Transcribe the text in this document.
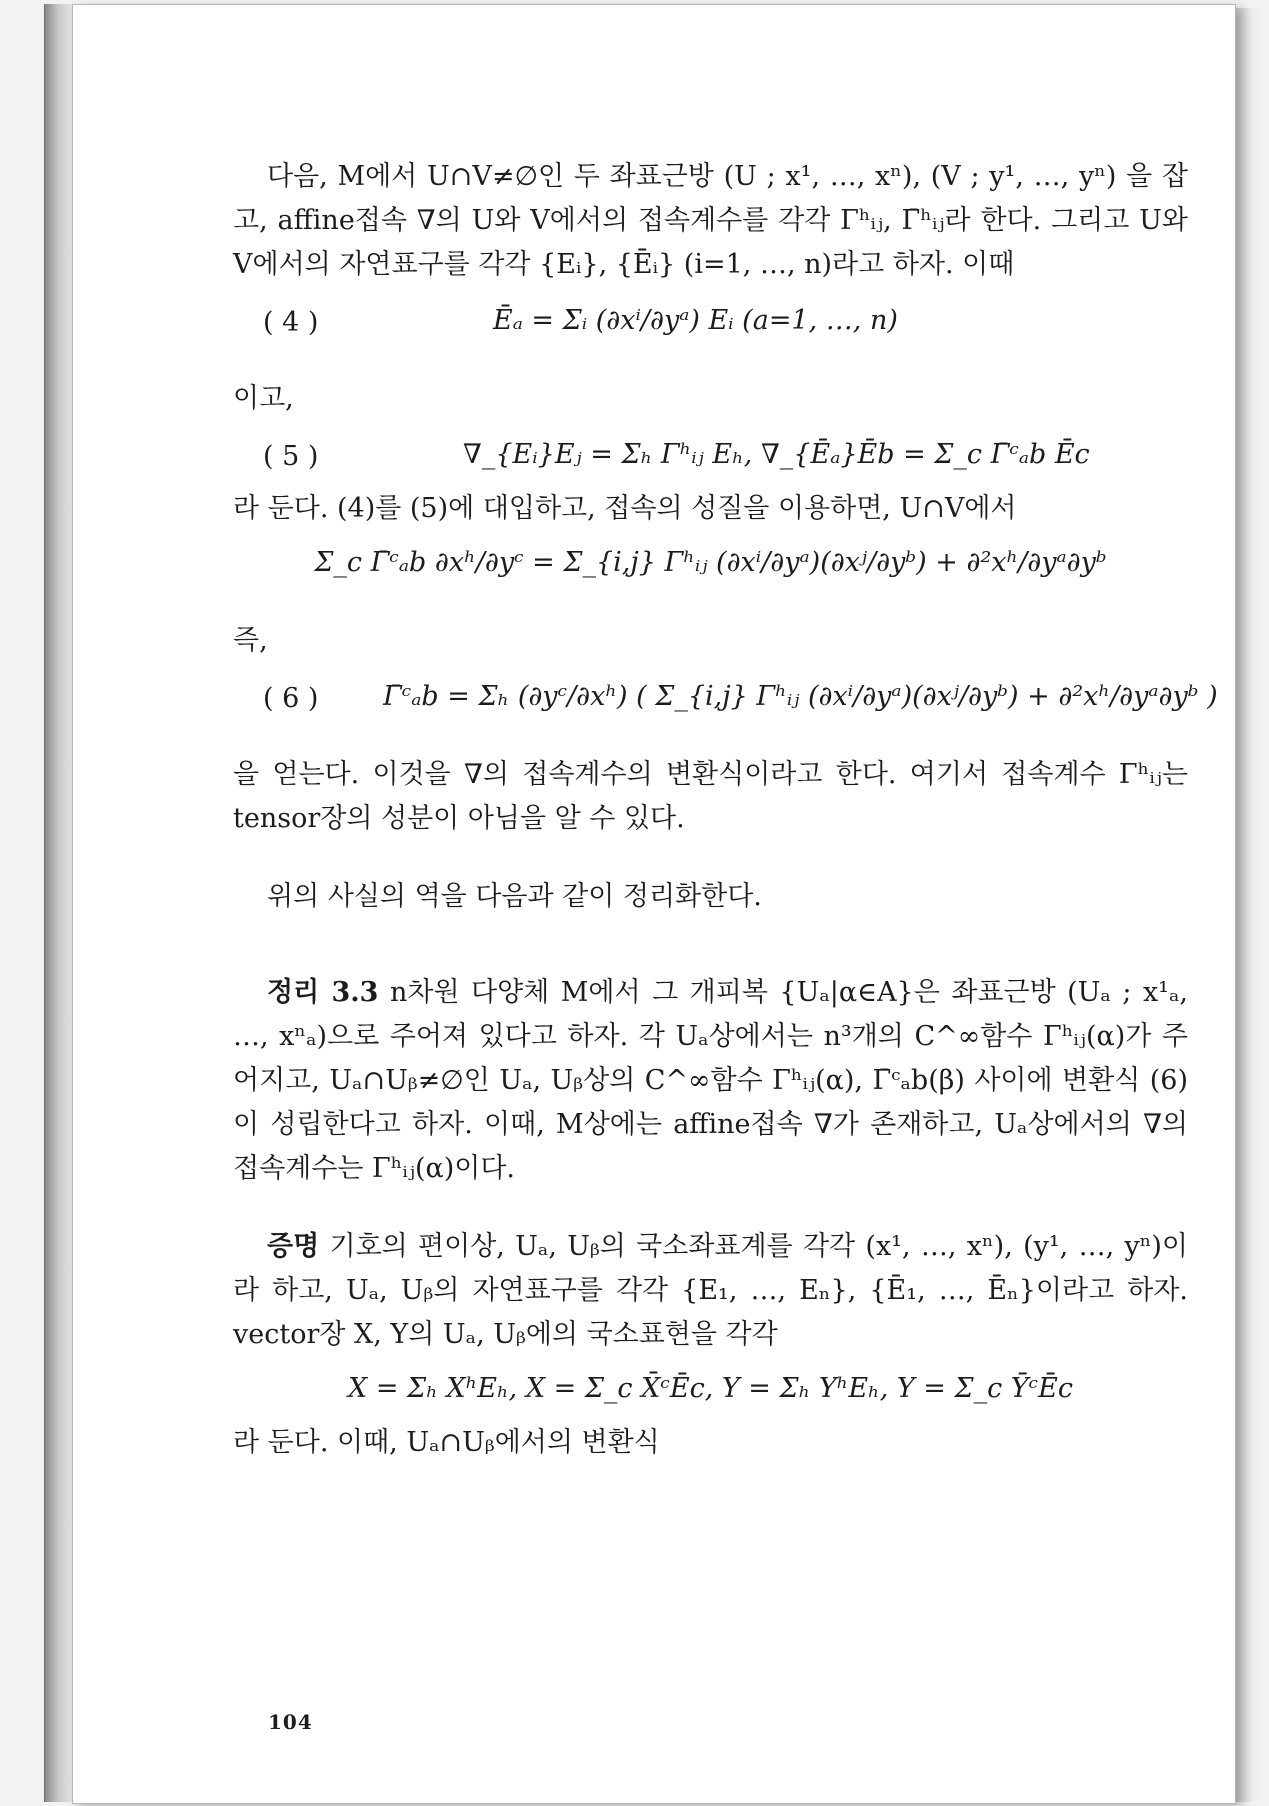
다음, M에서 U∩V≠∅인 두 좌표근방 (U ; x¹, …, xⁿ), (V ; y¹, …, yⁿ) 을 잡고, affine접속 ∇의 U와 V에서의 접속계수를 각각 Γʰᵢⱼ, Γ̄ʰᵢⱼ라 한다. 그리고 U와 V에서의 자연표구를 각각 {Eᵢ}, {Ēᵢ} (i=1, …, n)라고 하자. 이때

( 4 )	Ēₐ = Σᵢ (∂xⁱ/∂yᵃ) Eᵢ (a=1, …, n)

이고,

( 5 )	∇_{Eᵢ}Eⱼ = Σₕ Γʰᵢⱼ Eₕ, ∇_{Ēₐ}Ēb = Σ_c Γ̄ᶜₐb Ēc

라 둔다. (4)를 (5)에 대입하고, 접속의 성질을 이용하면, U∩V에서

Σ_c Γ̄ᶜₐb ∂xʰ/∂yᶜ = Σ_{i,j} Γʰᵢⱼ (∂xⁱ/∂yᵃ)(∂xʲ/∂yᵇ) + ∂²xʰ/∂yᵃ∂yᵇ

즉,

( 6 ) Γ̄ᶜₐb = Σₕ (∂yᶜ/∂xʰ) ( Σ_{i,j} Γʰᵢⱼ (∂xⁱ/∂yᵃ)(∂xʲ/∂yᵇ) + ∂²xʰ/∂yᵃ∂yᵇ )

을 얻는다. 이것을 ∇의 접속계수의 변환식이라고 한다. 여기서 접속계수 Γʰᵢⱼ는 tensor장의 성분이 아님을 알 수 있다.

위의 사실의 역을 다음과 같이 정리화한다.

정리 3.3 n차원 다양체 M에서 그 개피복 {Uₐ|α∈A}은 좌표근방 (Uₐ ; x¹ₐ, …, xⁿₐ)으로 주어져 있다고 하자. 각 Uₐ상에서는 n³개의 C^∞함수 Γʰᵢⱼ(α)가 주어지고, Uₐ∩Uᵦ≠∅인 Uₐ, Uᵦ상의 C^∞함수 Γʰᵢⱼ(α), Γ̄ᶜₐb(β) 사이에 변환식 (6)이 성립한다고 하자. 이때, M상에는 affine접속 ∇가 존재하고, Uₐ상에서의 ∇의 접속계수는 Γʰᵢⱼ(α)이다.

증명 기호의 편이상, Uₐ, Uᵦ의 국소좌표계를 각각 (x¹, …, xⁿ), (y¹, …, yⁿ)이라 하고, Uₐ, Uᵦ의 자연표구를 각각 {E₁, …, Eₙ}, {Ē₁, …, Ēₙ}이라고 하자. vector장 X, Y의 Uₐ, Uᵦ에의 국소표현을 각각

X = Σₕ XʰEₕ, X = Σ_c X̄ᶜĒc, Y = Σₕ YʰEₕ, Y = Σ_c ȲᶜĒc

라 둔다. 이때, Uₐ∩Uᵦ에서의 변환식

104
